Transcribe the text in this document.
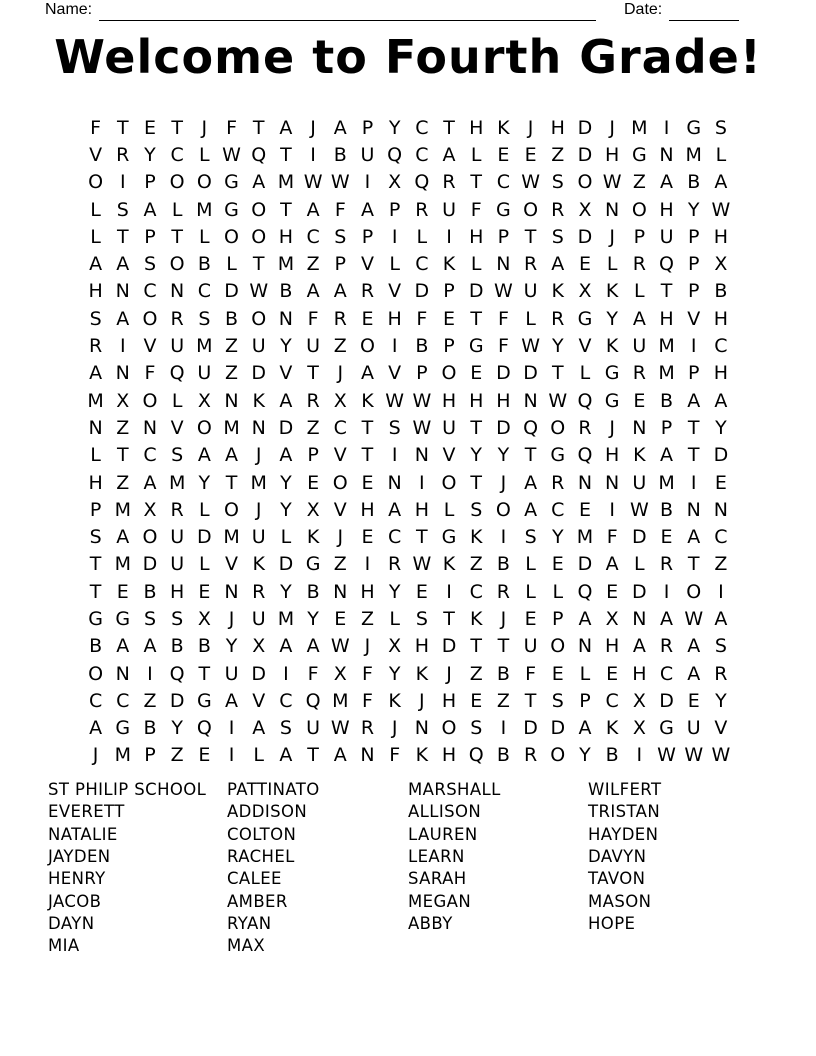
Name:	Date:
Welcome to Fourth Grade!
F T E T J F T A J A P Y C T H K J H D J M I G S
V R Y C L W Q T I B U Q C A L E E Z D H G N M L
O I P O O G A M W W I X Q R T C W S O W Z A B A
L S A L M G O T A F A P R U F G O R X N O H Y W
L T P T L O O H C S P I	L	I H P T S D J P U P H
A A S O B L T M Z P V L C K L N R A E L R Q P X
H N C N C D W B A A R V D P D W U K X K L T P B
S A O R S B O N F R E H F E T F L R G Y A H V H
R I V U M Z U Y U Z O I B P G F W Y V K U M I C
A N F Q U Z D V T J A V P O E D D T L G R M P H
M X O L X N K A R X K W W H H H N W Q G E B A A
N Z N V O M N D Z C T S W U T D Q O R J N P T Y
L T C S A A J A P V T I N V Y Y T G Q H K A T D
H Z A M Y T M Y E O E N I O T J A R N N U M I E
P M X R L O J Y X V H A H L S O A C E I W B N N
S A O U D M U L K J E C T G K I S Y M F D E A C
T M D U L V K D G Z I R W K Z B L E D A L R T Z
T E B H E N R Y B N H Y E I C R L L Q E D I O I
G G S S X J U M Y E Z L S T K J E P A X N A W A
B A A B B Y X A A W J X H D T T U O N H A R A S
O N I Q T U D I F X F Y K J Z B F E L E H C A R
C C Z D G A V C Q M F K J H E Z T S P C X D E Y
A G B Y Q I A S U W R J N O S I D D A K X G U V
J M P Z E I	L A T A N F K H Q B R O Y B I W W W
ST PHILIP SCHOOL
EVERETT
NATALIE
JAYDEN
HENRY
JACOB
DAYN
MIA
PATTINATO
ADDISON
COLTON
RACHEL
CALEE
AMBER
RYAN
MAX
MARSHALL
ALLISON
LAUREN
LEARN
SARAH
MEGAN
ABBY
WILFERT
TRISTAN
HAYDEN
DAVYN
TAVON
MASON
HOPE
